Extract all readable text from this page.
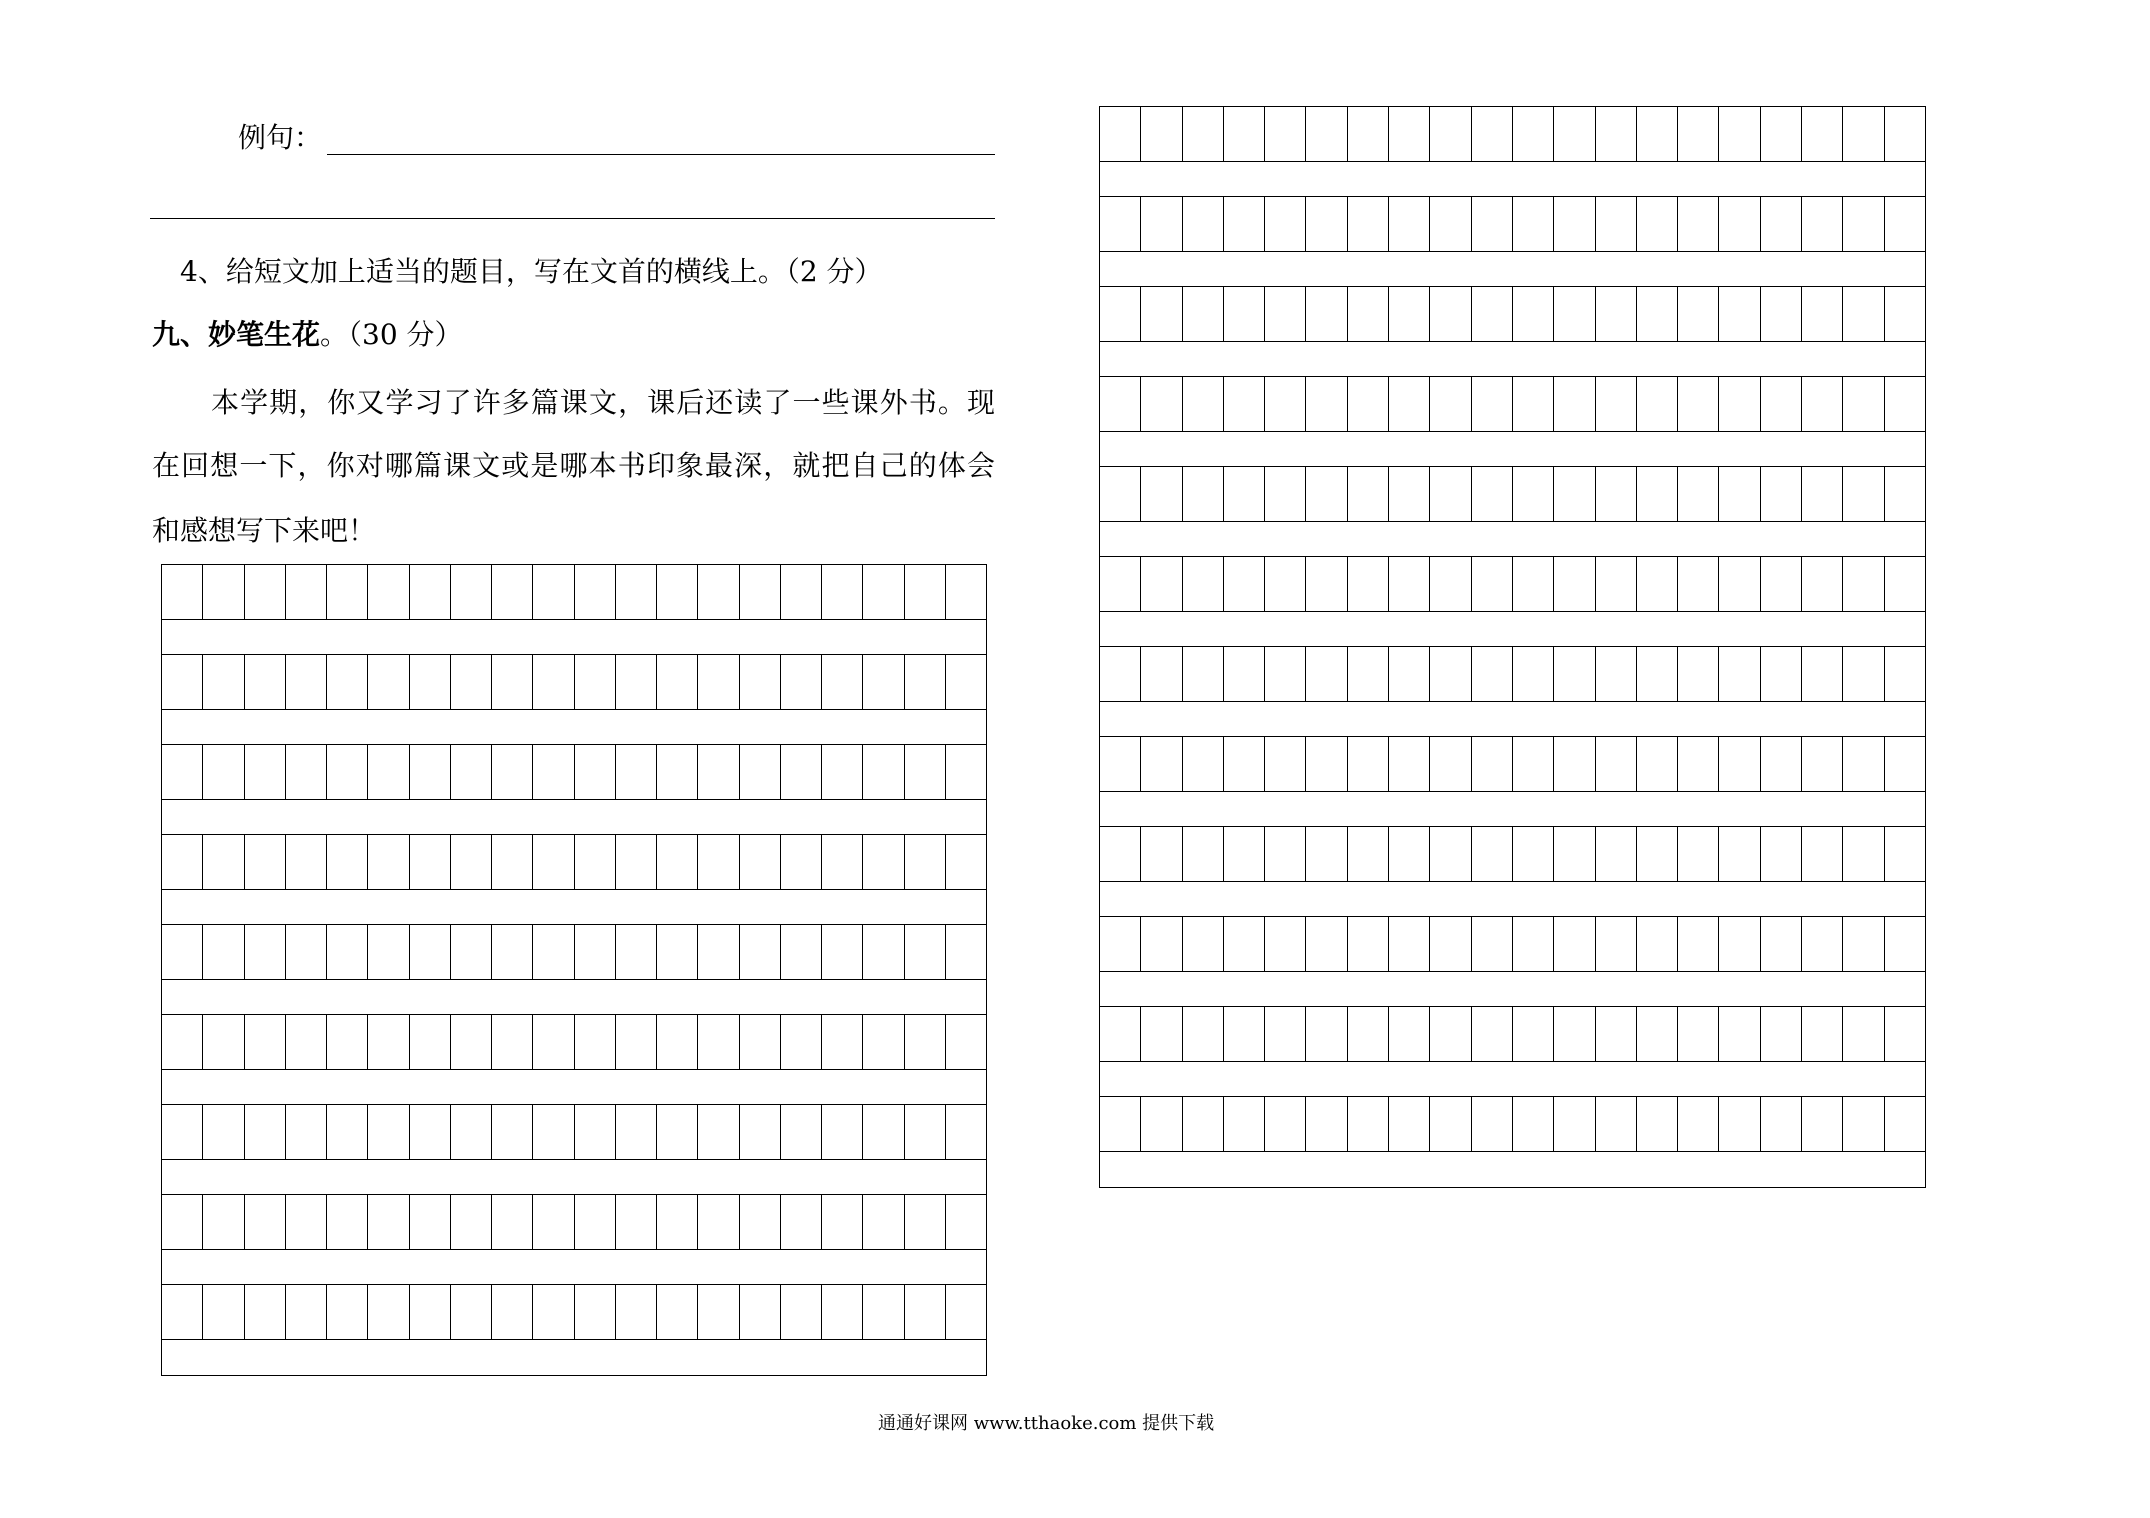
例句：
4、给短文加上适当的题目，写在文首的横线上。（2 分）
九、妙笔生花。（30 分）
本学期，你又学习了许多篇课文，课后还读了一些课外书。现
在回想一下，你对哪篇课文或是哪本书印象最深，就把自己的体会
和感想写下来吧！
通通好课网 www.tthaoke.com 提供下载
